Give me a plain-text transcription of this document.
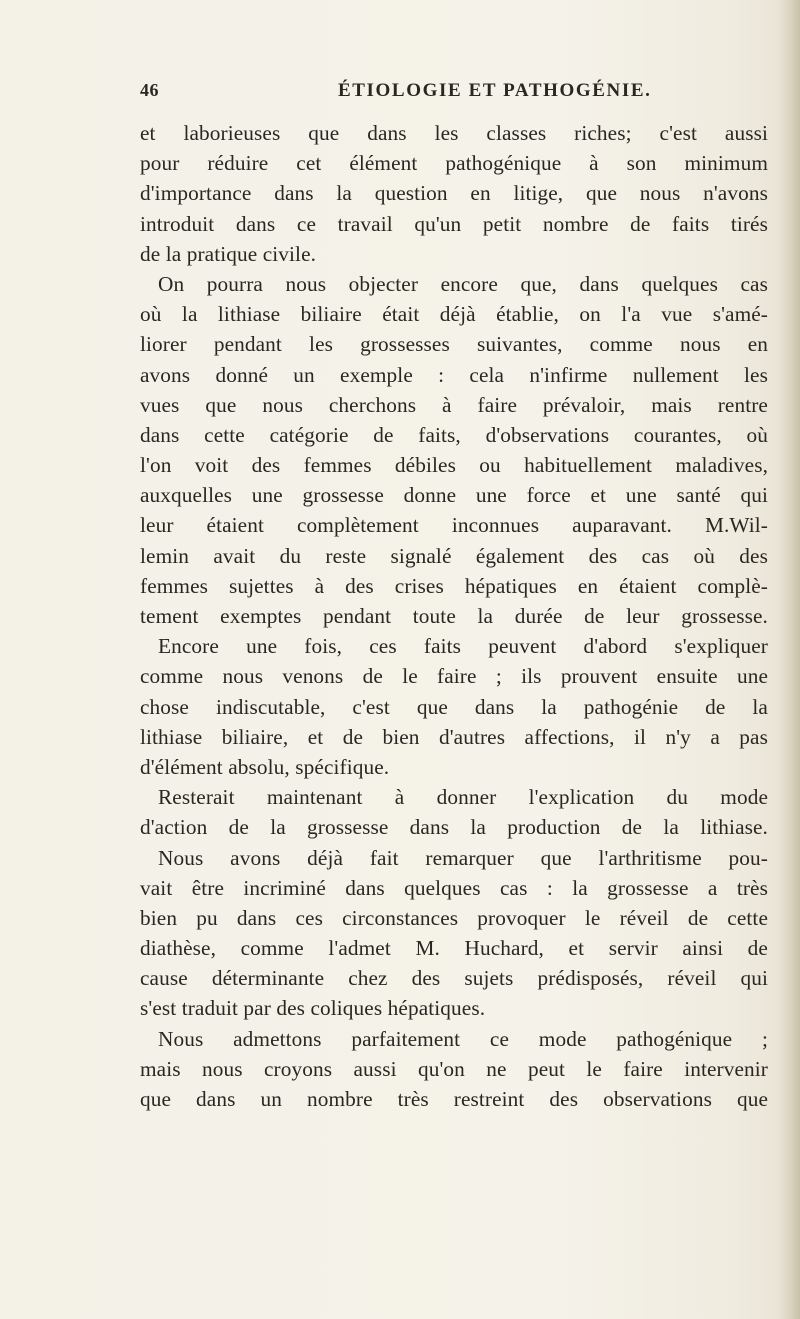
46	ÉTIOLOGIE ET PATHOGÉNIE.
et laborieuses que dans les classes riches; c'est aussi
pour réduire cet élément pathogénique à son minimum
d'importance dans la question en litige, que nous n'avons
introduit dans ce travail qu'un petit nombre de faits tirés
de la pratique civile.
On pourra nous objecter encore que, dans quelques cas
où la lithiase biliaire était déjà établie, on l'a vue s'amé-
liorer pendant les grossesses suivantes, comme nous en
avons donné un exemple : cela n'infirme nullement les
vues que nous cherchons à faire prévaloir, mais rentre
dans cette catégorie de faits, d'observations courantes, où
l'on voit des femmes débiles ou habituellement maladives,
auxquelles une grossesse donne une force et une santé qui
leur étaient complètement inconnues auparavant. M.Wil-
lemin avait du reste signalé également des cas où des
femmes sujettes à des crises hépatiques en étaient complè-
tement exemptes pendant toute la durée de leur grossesse.
Encore une fois, ces faits peuvent d'abord s'expliquer
comme nous venons de le faire ; ils prouvent ensuite une
chose indiscutable, c'est que dans la pathogénie de la
lithiase biliaire, et de bien d'autres affections, il n'y a pas
d'élément absolu, spécifique.
Resterait maintenant à donner l'explication du mode
d'action de la grossesse dans la production de la lithiase.
Nous avons déjà fait remarquer que l'arthritisme pou-
vait être incriminé dans quelques cas : la grossesse a très
bien pu dans ces circonstances provoquer le réveil de cette
diathèse, comme l'admet M. Huchard, et servir ainsi de
cause déterminante chez des sujets prédisposés, réveil qui
s'est traduit par des coliques hépatiques.
Nous admettons parfaitement ce mode pathogénique ;
mais nous croyons aussi qu'on ne peut le faire intervenir
que dans un nombre très restreint des observations que
